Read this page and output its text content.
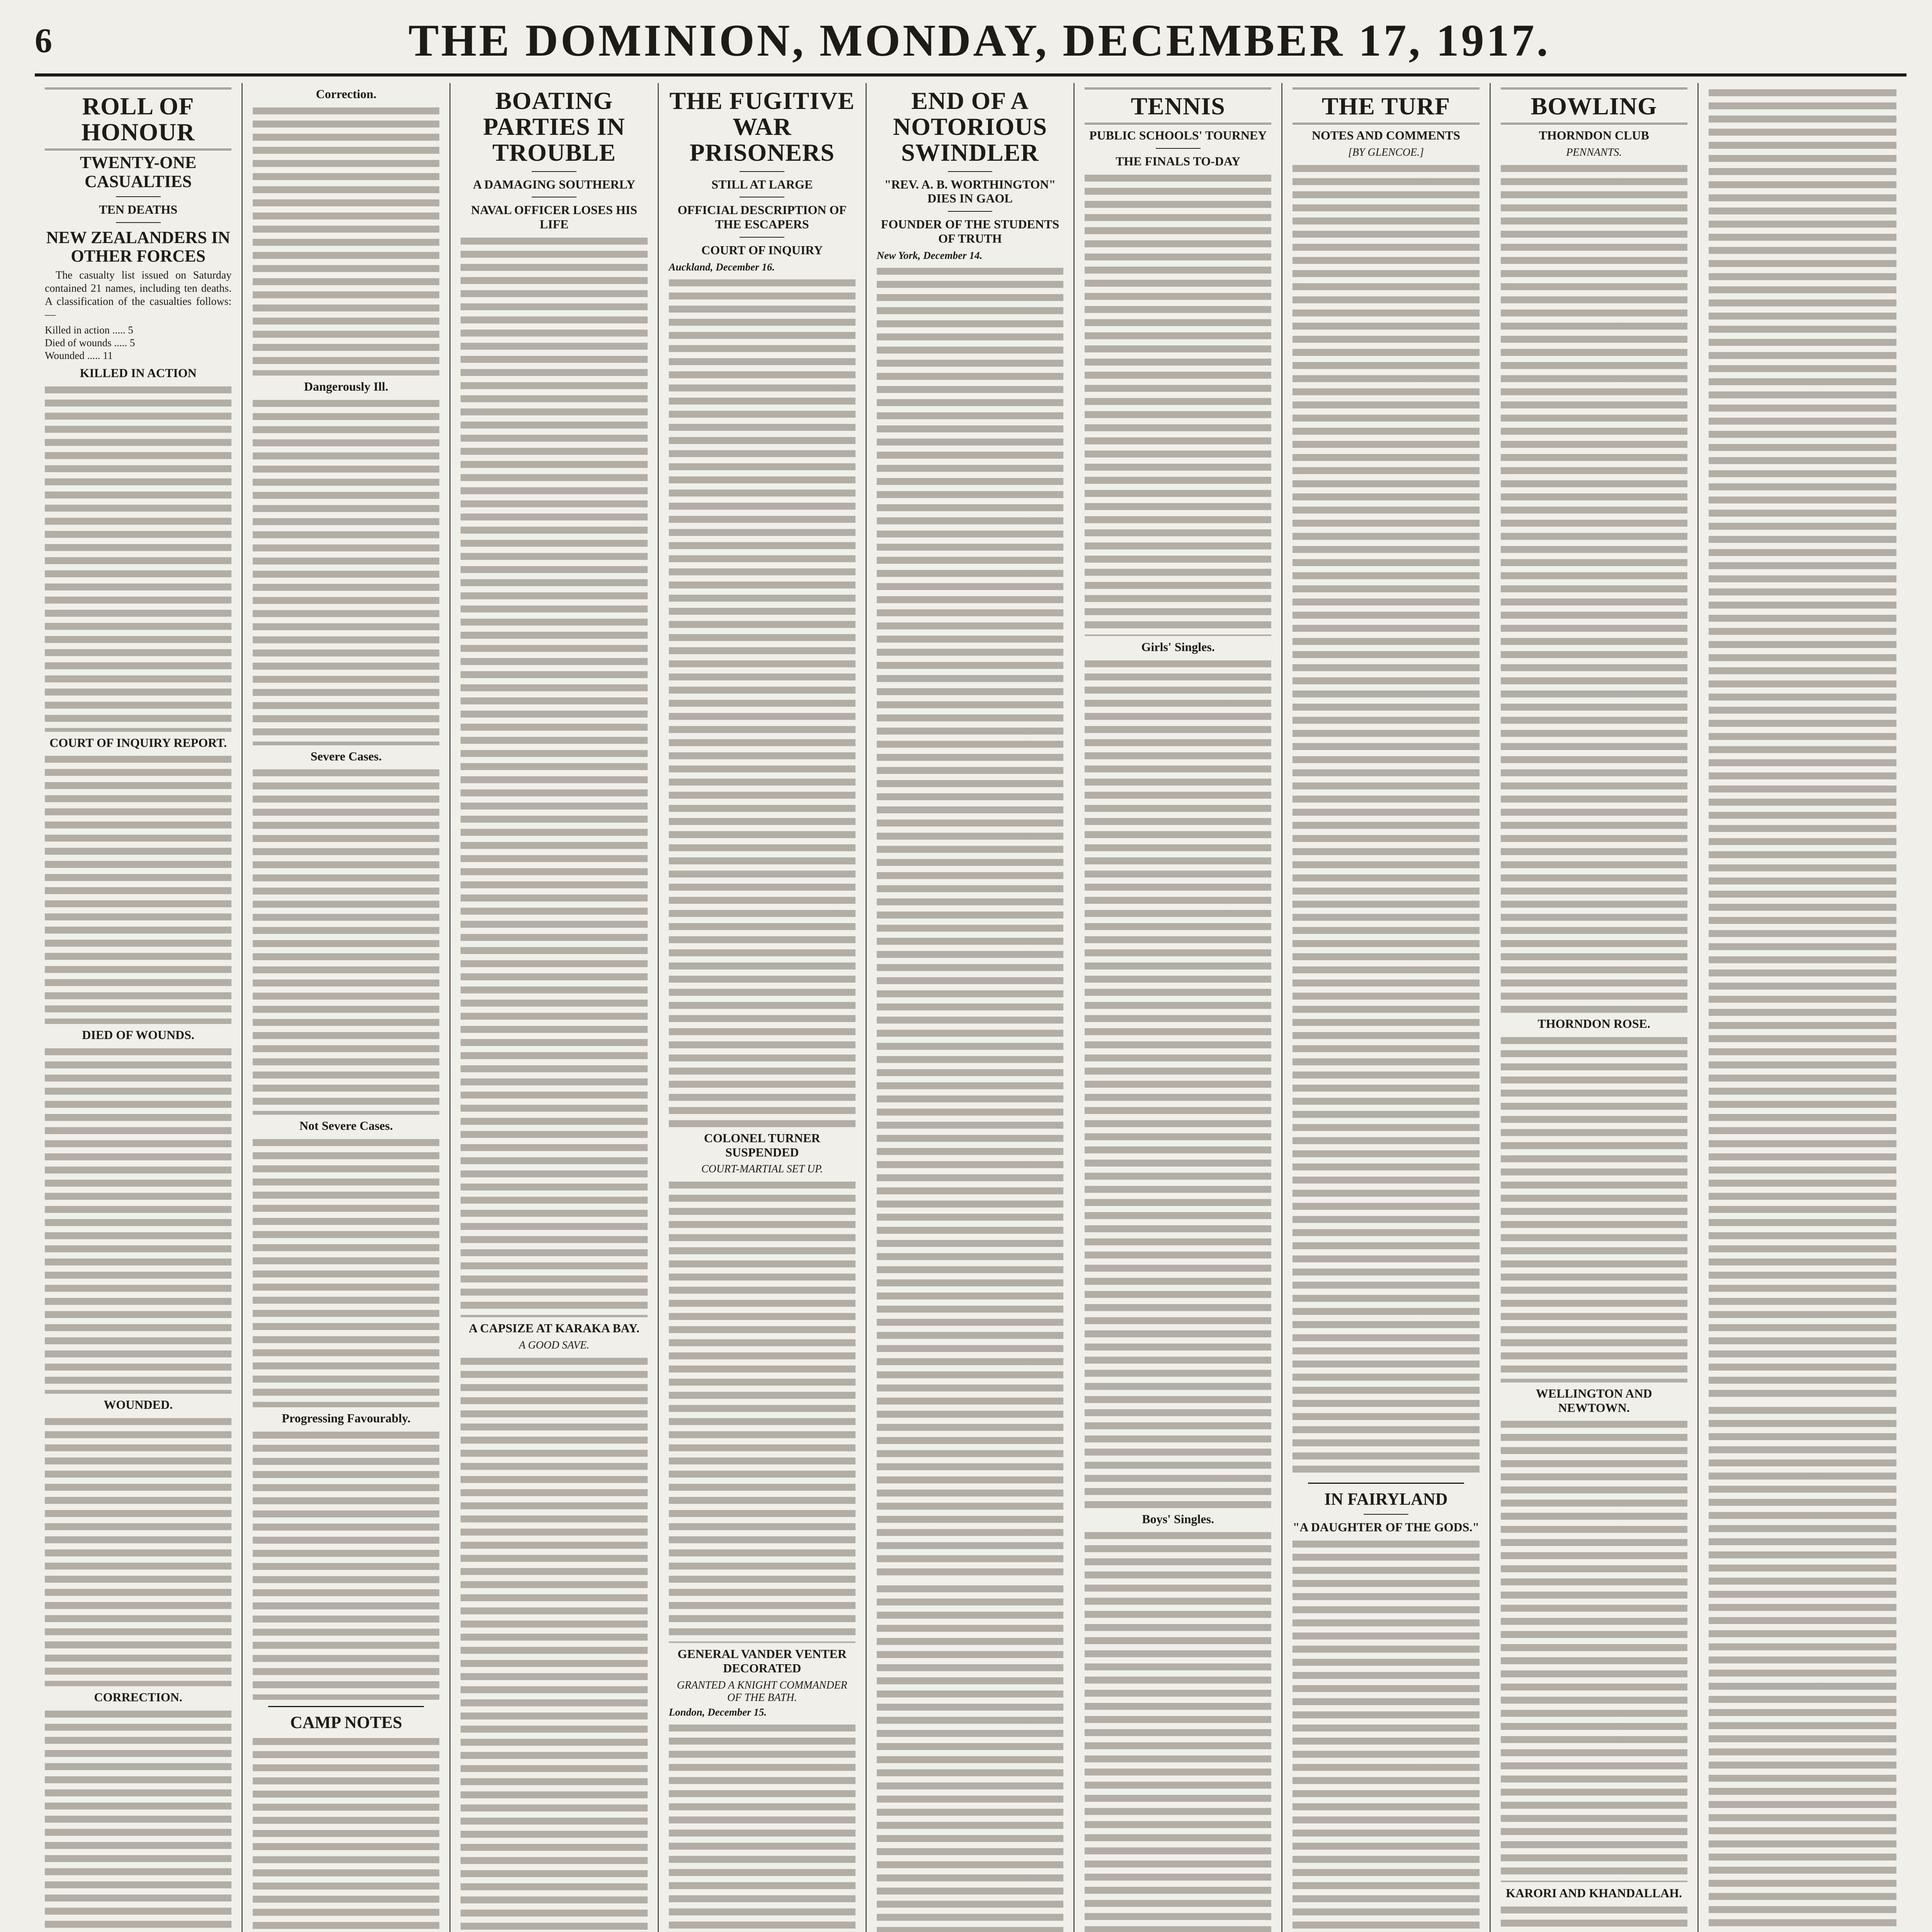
6	THE DOMINION, MONDAY, DECEMBER 17, 1917.
ROLL OF HONOUR
TWENTY-ONE CASUALTIES
TEN DEATHS
NEW ZEALANDERS IN OTHER FORCES

The casualty list issued on Saturday contained 21 names, including ten deaths. A classification of the casualties follows:—

Killed in action ..... 5
Died of wounds ..... 5
Wounded ..... 11
KILLED IN ACTION
COURT OF INQUIRY REPORT.
DIED OF WOUNDS.
WOUNDED.
CORRECTION.
Correction.
Dangerously Ill.
Severe Cases.
Not Severe Cases.
Progressing Favourably.
CAMP NOTES
BOATING PARTIES IN TROUBLE
A DAMAGING SOUTHERLY
NAVAL OFFICER LOSES HIS LIFE
A CAPSIZE AT KARAKA BAY.
A GOOD SAVE.
THE FUGITIVE WAR PRISONERS
STILL AT LARGE
OFFICIAL DESCRIPTION OF THE ESCAPERS
COURT OF INQUIRY
Auckland, December 16.
COLONEL TURNER SUSPENDED
COURT-MARTIAL SET UP.
GENERAL VANDER VENTER DECORATED
GRANTED A KNIGHT COMMANDER OF THE BATH.
London, December 15.
END OF A NOTORIOUS SWINDLER
"REV. A. B. WORTHINGTON" DIES IN GAOL
FOUNDER OF THE STUDENTS OF TRUTH
New York, December 14.
TENNIS
PUBLIC SCHOOLS' TOURNEY
THE FINALS TO-DAY
Girls' Singles.
Boys' Singles.
THE TURF
NOTES AND COMMENTS
[BY GLENCOE.]
IN FAIRYLAND
"A DAUGHTER OF THE GODS."
BOWLING
THORNDON CLUB
PENNANTS.
THORNDON ROSE.
WELLINGTON AND NEWTOWN.
KARORI AND KHANDALLAH.
